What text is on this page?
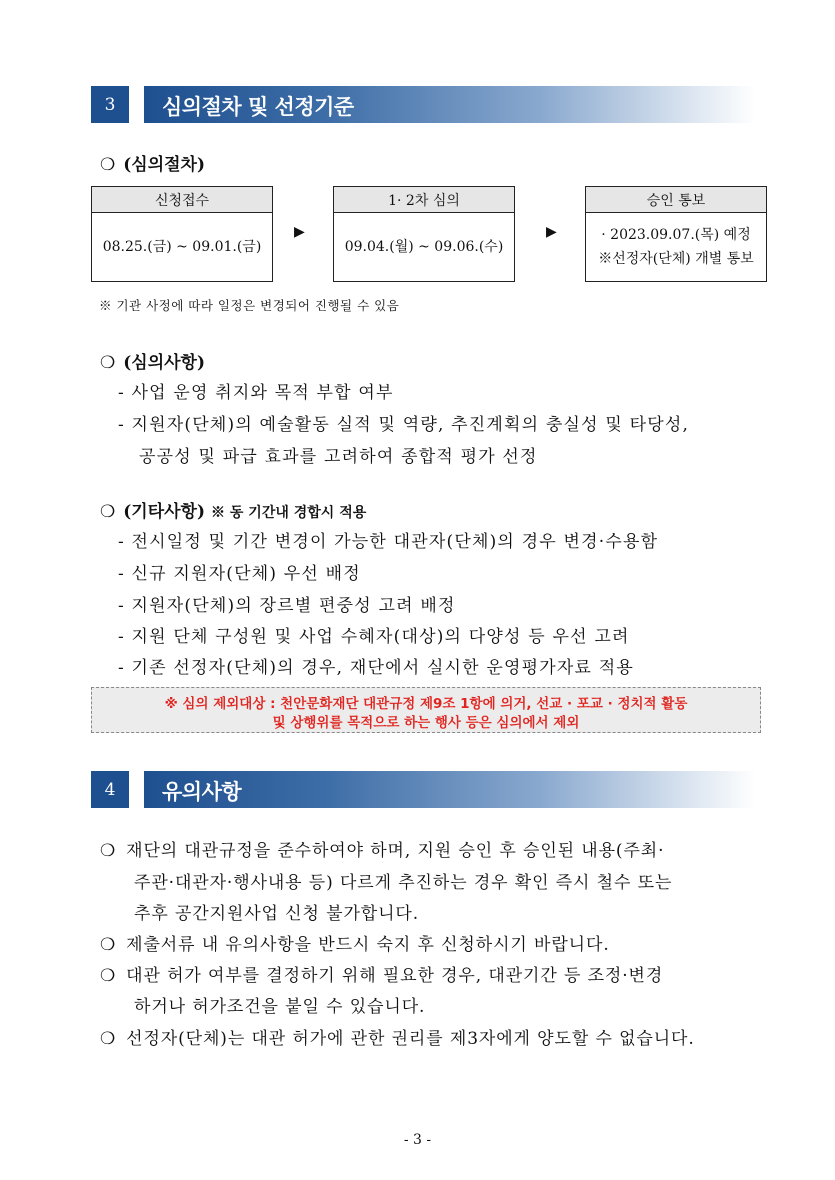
3	심의절차 및 선정기준
❍ (심의절차)
신청접수
08.25.(금) ~ 09.01.(금)
▶
1· 2차 심의
09.04.(월) ~ 09.06.(수)
▶
승인 통보
· 2023.09.07.(목) 예정
※선정자(단체) 개별 통보
※ 기관 사정에 따라 일정은 변경되어 진행될 수 있음
❍ (심의사항)
- 사업 운영 취지와 목적 부합 여부
- 지원자(단체)의 예술활동 실적 및 역량, 추진계획의 충실성 및 타당성,
공공성 및 파급 효과를 고려하여 종합적 평가 선정
❍ (기타사항) ※ 동 기간내 경합시 적용
- 전시일정 및 기간 변경이 가능한 대관자(단체)의 경우 변경·수용함
- 신규 지원자(단체) 우선 배정
- 지원자(단체)의 장르별 편중성 고려 배정
- 지원 단체 구성원 및 사업 수혜자(대상)의 다양성 등 우선 고려
- 기존 선정자(단체)의 경우, 재단에서 실시한 운영평가자료 적용
※ 심의 제외대상 : 천안문화재단 대관규정 제9조 1항에 의거, 선교 · 포교 · 정치적 활동
및 상행위를 목적으로 하는 행사 등은 심의에서 제외
4	유의사항
❍ 재단의 대관규정을 준수하여야 하며, 지원 승인 후 승인된 내용(주최·
주관·대관자·행사내용 등) 다르게 추진하는 경우 확인 즉시 철수 또는
추후 공간지원사업 신청 불가합니다.
❍ 제출서류 내 유의사항을 반드시 숙지 후 신청하시기 바랍니다.
❍ 대관 허가 여부를 결정하기 위해 필요한 경우, 대관기간 등 조정·변경
하거나 허가조건을 붙일 수 있습니다.
❍ 선정자(단체)는 대관 허가에 관한 권리를 제3자에게 양도할 수 없습니다.
- 3 -
